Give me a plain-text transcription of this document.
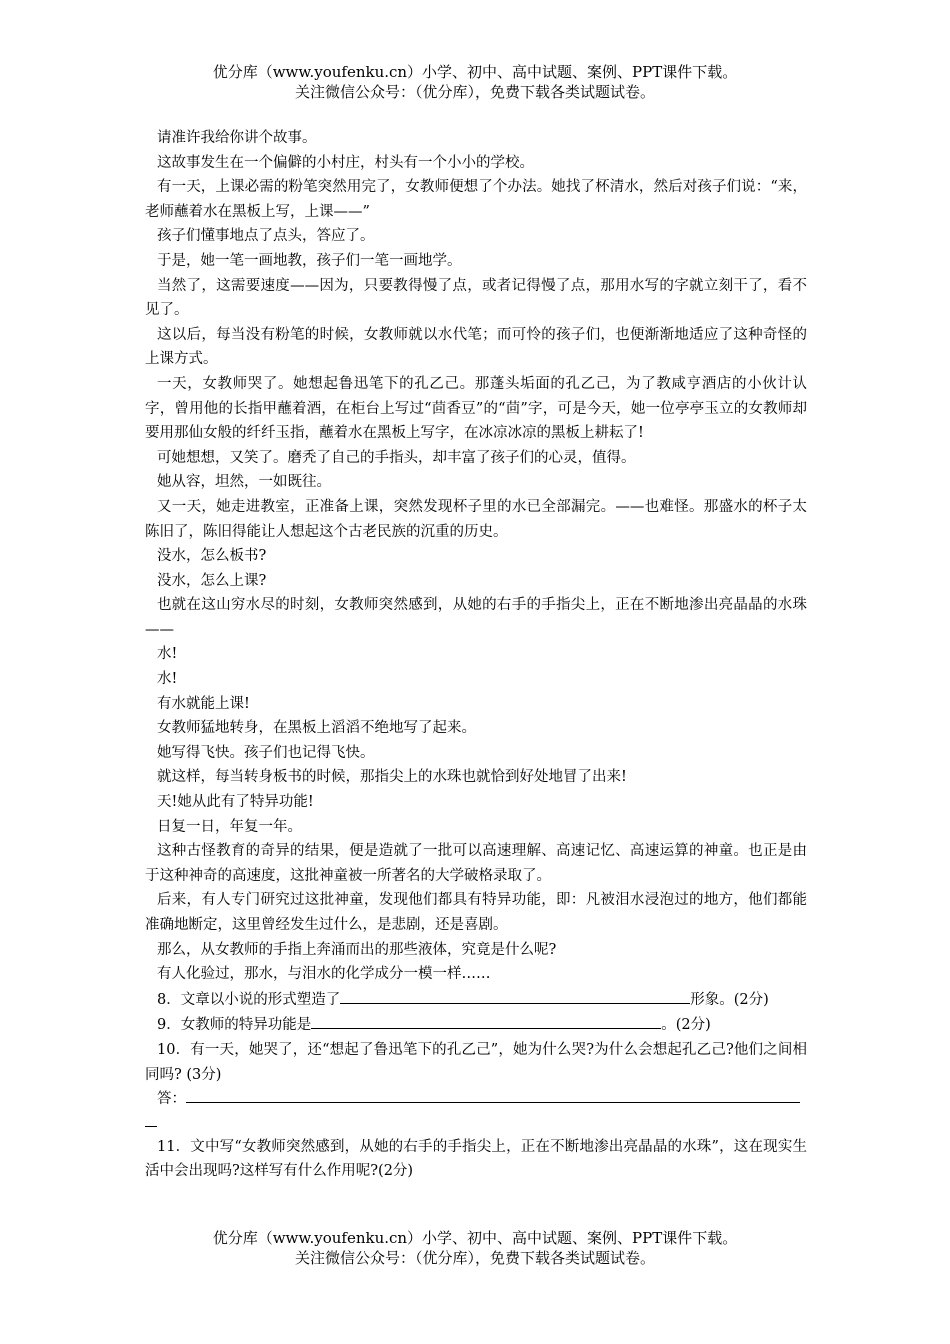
优分库（www.youfenku.cn）小学、初中、高中试题、案例、PPT课件下载。
关注微信公众号：（优分库），免费下载各类试题试卷。

请准许我给你讲个故事。

这故事发生在一个偏僻的小村庄，村头有一个小小的学校。

有一天，上课必需的粉笔突然用完了，女教师便想了个办法。她找了杯清水，然后对孩子们说：“来，老师蘸着水在黑板上写，上课——”

孩子们懂事地点了点头，答应了。

于是，她一笔一画地教，孩子们一笔一画地学。

当然了，这需要速度——因为，只要教得慢了点，或者记得慢了点，那用水写的字就立刻干了，看不见了。

这以后，每当没有粉笔的时候，女教师就以水代笔；而可怜的孩子们，也便渐渐地适应了这种奇怪的上课方式。

一天，女教师哭了。她想起鲁迅笔下的孔乙己。那蓬头垢面的孔乙己，为了教咸亨酒店的小伙计认字，曾用他的长指甲蘸着酒，在柜台上写过“茴香豆”的“茴”字，可是今天，她一位亭亭玉立的女教师却要用那仙女般的纤纤玉指，蘸着水在黑板上写字，在冰凉冰凉的黑板上耕耘了!

可她想想，又笑了。磨秃了自己的手指头，却丰富了孩子们的心灵，值得。

她从容，坦然，一如既往。

又一天，她走进教室，正准备上课，突然发现杯子里的水已全部漏完。——也难怪。那盛水的杯子太陈旧了，陈旧得能让人想起这个古老民族的沉重的历史。

没水，怎么板书?

没水，怎么上课?

也就在这山穷水尽的时刻，女教师突然感到，从她的右手的手指尖上，正在不断地渗出亮晶晶的水珠——

水!

水!

有水就能上课!

女教师猛地转身，在黑板上滔滔不绝地写了起来。

她写得飞快。孩子们也记得飞快。

就这样，每当转身板书的时候，那指尖上的水珠也就恰到好处地冒了出来!

天!她从此有了特异功能!

日复一日，年复一年。

这种古怪教育的奇异的结果，便是造就了一批可以高速理解、高速记忆、高速运算的神童。也正是由于这种神奇的高速度，这批神童被一所著名的大学破格录取了。

后来，有人专门研究过这批神童，发现他们都具有特异功能，即：凡被泪水浸泡过的地方，他们都能准确地断定，这里曾经发生过什么，是悲剧，还是喜剧。

那么，从女教师的手指上奔涌而出的那些液体，究竟是什么呢?

有人化验过，那水，与泪水的化学成分一模一样……

8．文章以小说的形式塑造了	形象。(2分)

9．女教师的特异功能是	。(2分)

10．有一天，她哭了，还“想起了鲁迅笔下的孔乙己”，她为什么哭?为什么会想起孔乙己?他们之间相同吗? (3分)

答：

11．文中写“女教师突然感到，从她的右手的手指尖上，正在不断地渗出亮晶晶的水珠”，这在现实生活中会出现吗?这样写有什么作用呢?(2分)

优分库（www.youfenku.cn）小学、初中、高中试题、案例、PPT课件下载。
关注微信公众号：（优分库），免费下载各类试题试卷。
